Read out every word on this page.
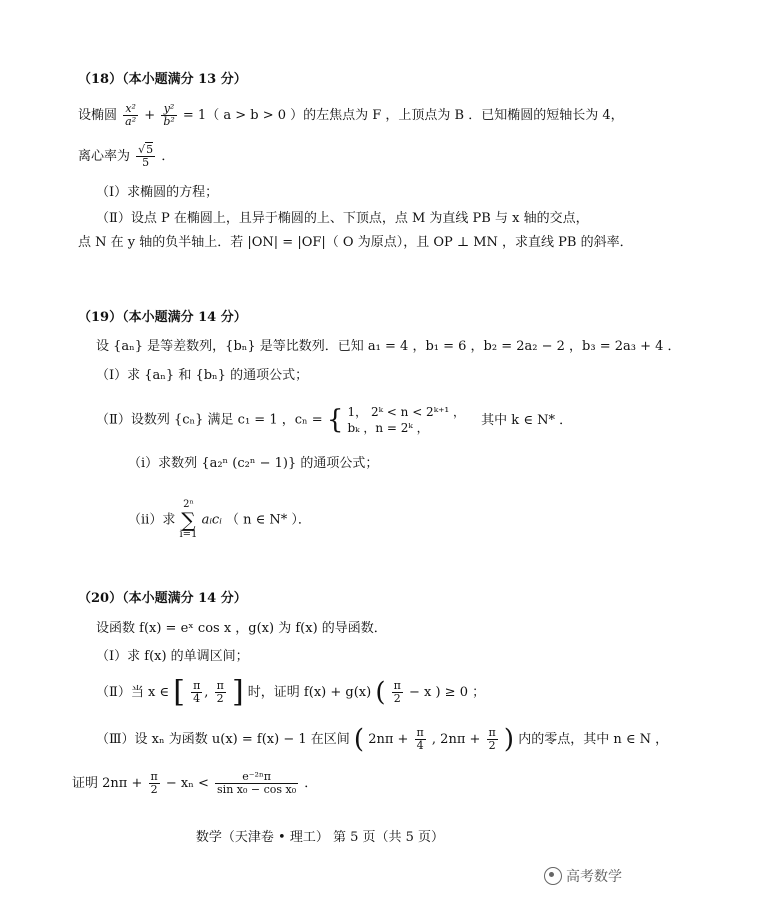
（18）（本小题满分 13 分）
设椭圆 $\frac{\text{x²}}{\text{a²}} + \frac{\text{y²}}{\text{b²}} = 1$（ a > b > 0 ）的左焦点为 F ，上顶点为 B ．已知椭圆的短轴长为 4，
离心率为 $\frac{√5}{5}$ ．
（Ⅰ）求椭圆的方程；
（Ⅱ）设点 P 在椭圆上，且异于椭圆的上、下顶点，点 M 为直线 PB 与 x 轴的交点，
点 N 在 y 轴的负半轴上．若 |ON| = |OF|（ O 为原点），且 OP ⊥ MN ，求直线 PB 的斜率．
（19）（本小题满分 14 分）
设 {aₙ} 是等差数列，{bₙ} 是等比数列．已知 a₁ = 4 ，b₁ = 6 ，b₂ = 2a₂ − 2 ，b₃ = 2a₃ + 4 ．
（Ⅰ）求 {aₙ} 和 {bₙ} 的通项公式；
（Ⅱ）设数列 {cₙ} 满足 c₁ = 1 ，cₙ = { 1， 2ᵏ < n < 2ᵏ⁺¹ ，
bₖ ，n = 2ᵏ ，
其中 k ∈ N* ．
（ⅰ）求数列 {a₂ⁿ (c₂ⁿ − 1)} 的通项公式；
（ⅱ）求
2ⁿ
∑
i=1
aᵢcᵢ （ n ∈ N* ）．
（20）（本小题满分 14 分）
设函数 f(x) = eˣ cos x ，g(x) 为 f(x) 的导函数．
（Ⅰ）求 f(x) 的单调区间；
（Ⅱ）当 x ∈ [ $\frac{\pi}{4}$ , $\frac{\pi}{2}$ ] 时，证明 f(x) + g(x) ( $\frac{\pi}{2} - x$ ) ≥ 0 ；
（Ⅲ）设 xₙ 为函数 u(x) = f(x) − 1 在区间 ( $2n\pi + \frac{\pi}{4}$ , $2n\pi + \frac{\pi}{2}$ ) 内的零点，其中 n ∈ N ，
证明 $2n\pi + \frac{\pi}{2} - x_n < \frac{\text{e⁻²ⁿπ}}{\text{sin x₀ − cos x₀}}$ ．
数学（天津卷 • 理工） 第 5 页（共 5 页）
高考数学
